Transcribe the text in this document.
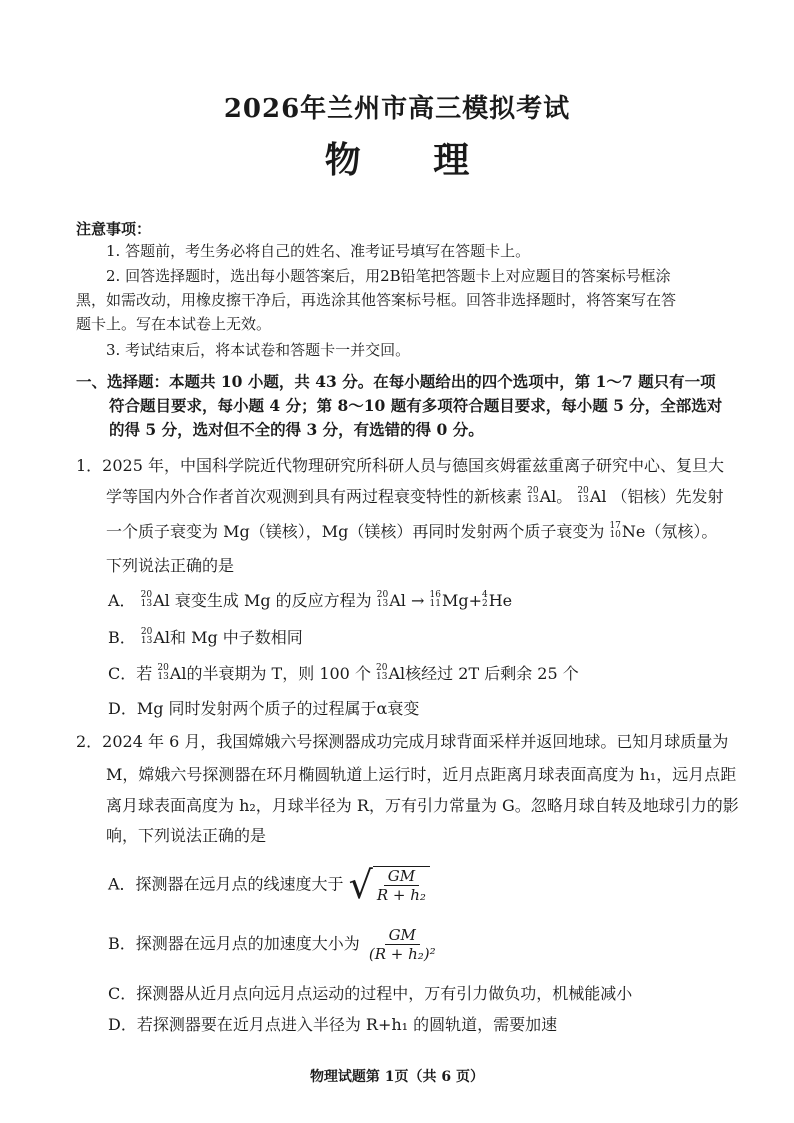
2026年兰州市高三模拟考试
物 理
注意事项：
1. 答题前，考生务必将自己的姓名、准考证号填写在答题卡上。
2. 回答选择题时，选出每小题答案后，用2B铅笔把答题卡上对应题目的答案标号框涂
黑，如需改动，用橡皮擦干净后，再选涂其他答案标号框。回答非选择题时，将答案写在答
题卡上。写在本试卷上无效。
3. 考试结束后，将本试卷和答题卡一并交回。
一、选择题：本题共 10 小题，共 43 分。在每小题给出的四个选项中，第 1～7 题只有一项
符合题目要求，每小题 4 分；第 8～10 题有多项符合题目要求，每小题 5 分，全部选对
的得 5 分，选对但不全的得 3 分，有选错的得 0 分。
1．2025 年，中国科学院近代物理研究所科研人员与德国亥姆霍兹重离子研究中心、复旦大
学等国内外合作者首次观测到具有两过程衰变特性的新核素 20
13 Al。 20
13 Al （铝核）先发射
一个质子衰变为 Mg（镁核），Mg（镁核）再同时发射两个质子衰变为 17
10 Ne（氖核）。
下列说法正确的是
A． 20
13 Al 衰变生成 Mg 的反应方程为 20
13 Al → 16
11 Mg+ 4
2 He
B． 20
13 Al和 Mg 中子数相同
C．若 20
13 Al的半衰期为 T，则 100 个 20
13 Al核经过 2T 后剩余 25 个
D．Mg 同时发射两个质子的过程属于α衰变
2．2024 年 6 月，我国嫦娥六号探测器成功完成月球背面采样并返回地球。已知月球质量为
M，嫦娥六号探测器在环月椭圆轨道上运行时，近月点距离月球表面高度为 h₁，远月点距
离月球表面高度为 h₂，月球半径为 R，万有引力常量为 G。忽略月球自转及地球引力的影
响，下列说法正确的是
A．探测器在远月点的线速度大于 √ $\frac{GM}{\text{R + h₂}}$
B．探测器在远月点的加速度大小为 $\frac{GM}{\text{(R + h₂)²}}$
C．探测器从近月点向远月点运动的过程中，万有引力做负功，机械能减小
D．若探测器要在近月点进入半径为 R+h₁ 的圆轨道，需要加速
物理试题第 1页（共 6 页）
